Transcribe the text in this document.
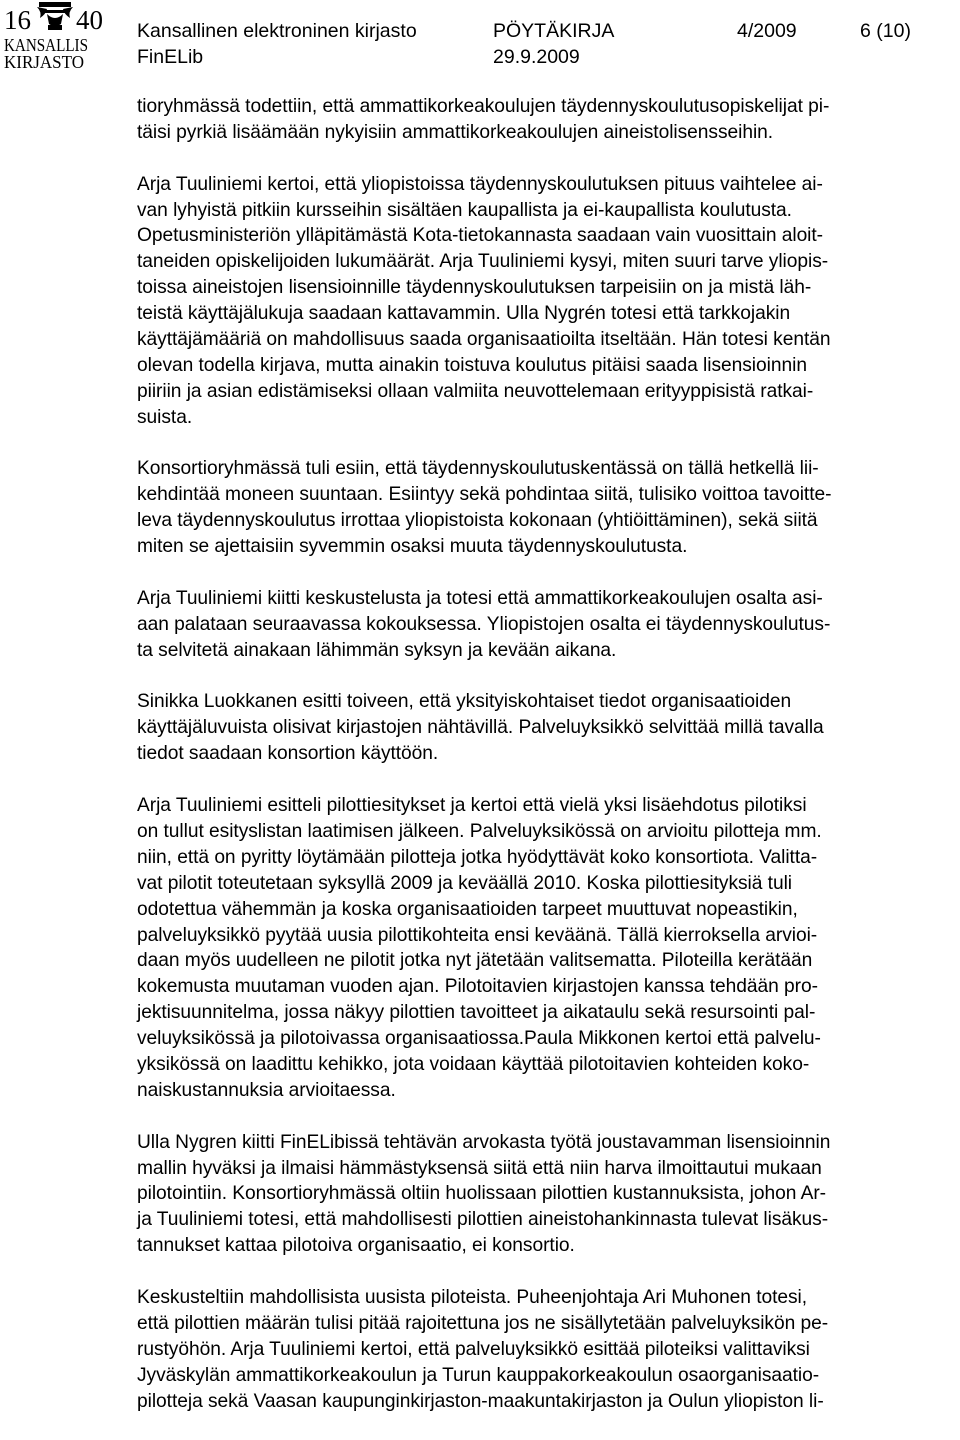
16 40
KANSALLIS
KIRJASTO
Kansallinen elektroninen kirjasto
FinELib
PÖYTÄKIRJA
29.9.2009
4/2009	6 (10)
tioryhmässä todettiin, että ammattikorkeakoulujen täydennyskoulutusopiskelijat pi-
täisi pyrkiä lisäämään nykyisiin ammattikorkeakoulujen aineistolisensseihin.
Arja Tuuliniemi kertoi, että yliopistoissa täydennyskoulutuksen pituus vaihtelee ai-
van lyhyistä pitkiin kursseihin sisältäen kaupallista ja ei-kaupallista koulutusta.
Opetusministeriön ylläpitämästä Kota-tietokannasta saadaan vain vuosittain aloit-
taneiden opiskelijoiden lukumäärät. Arja Tuuliniemi kysyi, miten suuri tarve yliopis-
toissa aineistojen lisensioinnille täydennyskoulutuksen tarpeisiin on ja mistä läh-
teistä käyttäjälukuja saadaan kattavammin. Ulla Nygrén totesi että tarkkojakin
käyttäjämääriä on mahdollisuus saada organisaatioilta itseltään. Hän totesi kentän
olevan todella kirjava, mutta ainakin toistuva koulutus pitäisi saada lisensioinnin
piiriin ja asian edistämiseksi ollaan valmiita neuvottelemaan erityyppisistä ratkai-
suista.
Konsortioryhmässä tuli esiin, että täydennyskoulutuskentässä on tällä hetkellä lii-
kehdintää moneen suuntaan. Esiintyy sekä pohdintaa siitä, tulisiko voittoa tavoitte-
leva täydennyskoulutus irrottaa yliopistoista kokonaan (yhtiöittäminen), sekä siitä
miten se ajettaisiin syvemmin osaksi muuta täydennyskoulutusta.
Arja Tuuliniemi kiitti keskustelusta ja totesi että ammattikorkeakoulujen osalta asi-
aan palataan seuraavassa kokouksessa. Yliopistojen osalta ei täydennyskoulutus-
ta selvitetä ainakaan lähimmän syksyn ja kevään aikana.
Sinikka Luokkanen esitti toiveen, että yksityiskohtaiset tiedot organisaatioiden
käyttäjäluvuista olisivat kirjastojen nähtävillä. Palveluyksikkö selvittää millä tavalla
tiedot saadaan konsortion käyttöön.
Arja Tuuliniemi esitteli pilottiesitykset ja kertoi että vielä yksi lisäehdotus pilotiksi
on tullut esityslistan laatimisen jälkeen. Palveluyksikössä on arvioitu pilotteja mm.
niin, että on pyritty löytämään pilotteja jotka hyödyttävät koko konsortiota. Valitta-
vat pilotit toteutetaan syksyllä 2009 ja keväällä 2010. Koska pilottiesityksiä tuli
odotettua vähemmän ja koska organisaatioiden tarpeet muuttuvat nopeastikin,
palveluyksikkö pyytää uusia pilottikohteita ensi keväänä. Tällä kierroksella arvioi-
daan myös uudelleen ne pilotit jotka nyt jätetään valitsematta. Piloteilla kerätään
kokemusta muutaman vuoden ajan. Pilotoitavien kirjastojen kanssa tehdään pro-
jektisuunnitelma, jossa näkyy pilottien tavoitteet ja aikataulu sekä resursointi pal-
veluyksikössä ja pilotoivassa organisaatiossa.Paula Mikkonen kertoi että palvelu-
yksikössä on laadittu kehikko, jota voidaan käyttää pilotoitavien kohteiden koko-
naiskustannuksia arvioitaessa.
Ulla Nygren kiitti FinELibissä tehtävän arvokasta työtä joustavamman lisensioinnin
mallin hyväksi ja ilmaisi hämmästyksensä siitä että niin harva ilmoittautui mukaan
pilotointiin. Konsortioryhmässä oltiin huolissaan pilottien kustannuksista, johon Ar-
ja Tuuliniemi totesi, että mahdollisesti pilottien aineistohankinnasta tulevat lisäkus-
tannukset kattaa pilotoiva organisaatio, ei konsortio.
Keskusteltiin mahdollisista uusista piloteista. Puheenjohtaja Ari Muhonen totesi,
että pilottien määrän tulisi pitää rajoitettuna jos ne sisällytetään palveluyksikön pe-
rustyöhön. Arja Tuuliniemi kertoi, että palveluyksikkö esittää piloteiksi valittaviksi
Jyväskylän ammattikorkeakoulun ja Turun kauppakorkeakoulun osaorganisaatio-
pilotteja sekä Vaasan kaupunginkirjaston-maakuntakirjaston ja Oulun yliopiston li-
